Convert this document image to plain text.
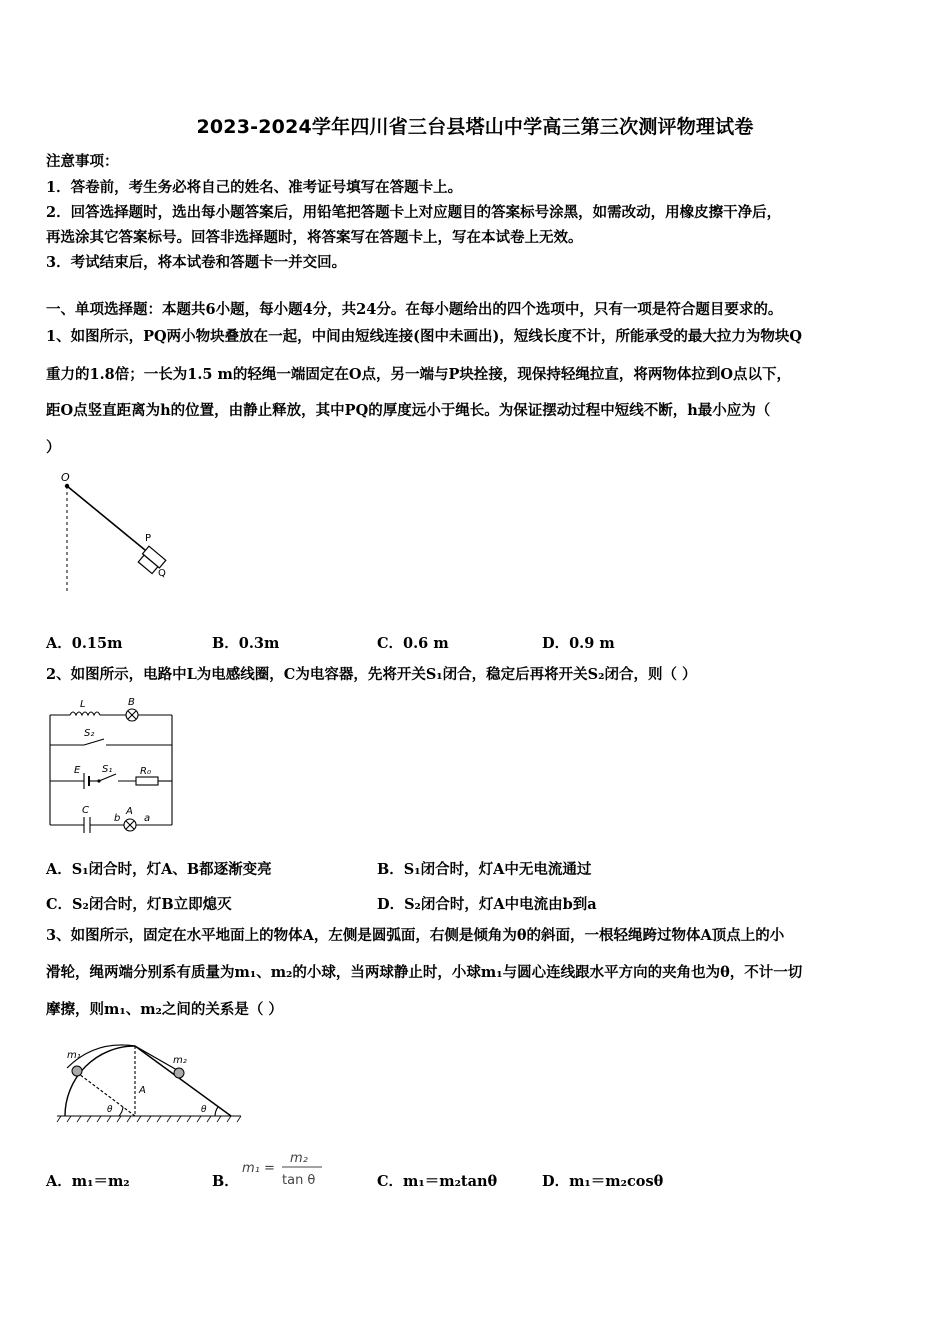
2023-2024学年四川省三台县塔山中学高三第三次测评物理试卷
注意事项：
1．答卷前，考生务必将自己的姓名、准考证号填写在答题卡上。
2．回答选择题时，选出每小题答案后，用铅笔把答题卡上对应题目的答案标号涂黑，如需改动，用橡皮擦干净后，
再选涂其它答案标号。回答非选择题时，将答案写在答题卡上，写在本试卷上无效。
3．考试结束后，将本试卷和答题卡一并交回。
一、单项选择题：本题共6小题，每小题4分，共24分。在每小题给出的四个选项中，只有一项是符合题目要求的。
1、如图所示，PQ两小物块叠放在一起，中间由短线连接(图中未画出)，短线长度不计，所能承受的最大拉力为物块Q
重力的1.8倍；一长为1.5 m的轻绳一端固定在O点，另一端与P块拴接，现保持轻绳拉直，将两物体拉到O点以下，
距O点竖直距离为h的位置，由静止释放，其中PQ的厚度远小于绳长。为保证摆动过程中短线不断，h最小应为（
）
O
P
Q
A．0.15m	B．0.3m	C．0.6 m	D．0.9 m
2、如图所示，电路中L为电感线圈，C为电容器，先将开关S₁闭合，稳定后再将开关S₂闭合，则（ ）
L	B
S₂
E S₁	R₀
C
b
A
a
A．S₁闭合时，灯A、B都逐渐变亮	B．S₁闭合时，灯A中无电流通过
C．S₂闭合时，灯B立即熄灭	D．S₂闭合时，灯A中电流由b到a
3、如图所示，固定在水平地面上的物体A，左侧是圆弧面，右侧是倾角为θ的斜面，一根轻绳跨过物体A顶点上的小
滑轮，绳两端分别系有质量为m₁、m₂的小球，当两球静止时，小球m₁与圆心连线跟水平方向的夹角也为θ，不计一切
摩擦，则m₁、m₂之间的关系是（ ）
m₁	m₂
A
θ	θ
A．m₁＝m₂	B．
m₁ =
m₂
tan θ	C．m₁＝m₂tanθ	D．m₁＝m₂cosθ
